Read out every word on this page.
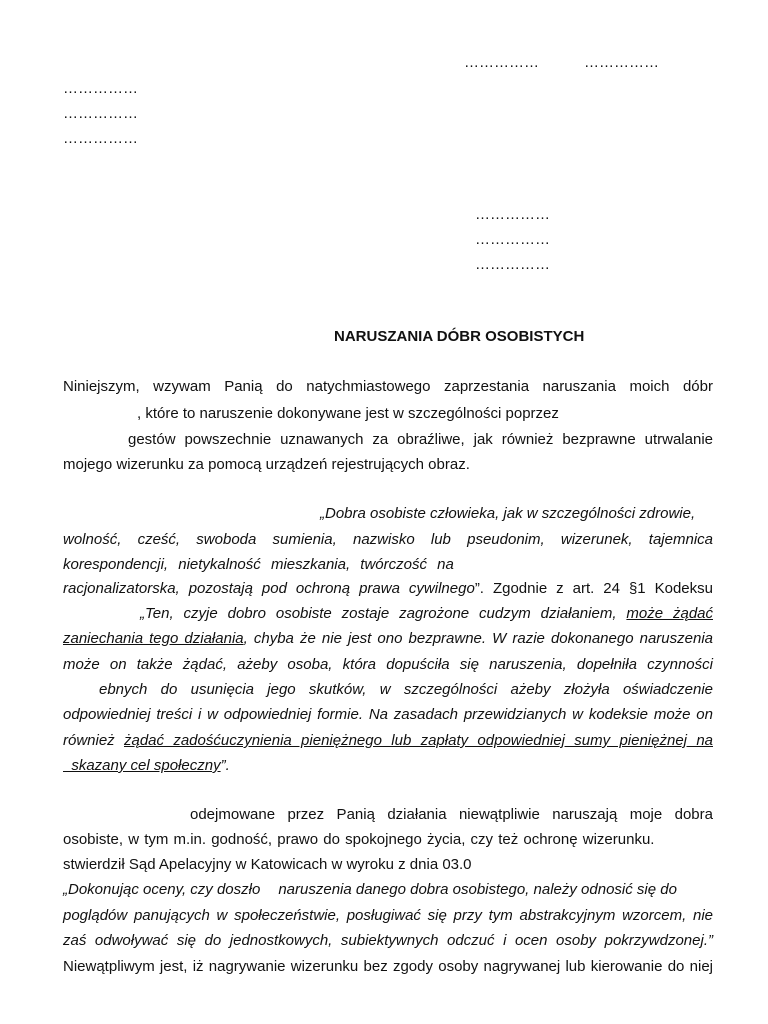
……………	……………
……………
……………
……………
……………
……………
……………
NARUSZANIA DÓBR OSOBISTYCH
Niniejszym, wzywam Panią do natychmiastowego zaprzestania naruszania moich dóbr
, które to naruszenie dokonywane jest w szczególności poprzez
gestów powszechnie uznawanych za obraźliwe, jak również bezprawne utrwalanie
mojego wizerunku za pomocą urządzeń rejestrujących obraz.
„Dobra osobiste człowieka, jak w szczególności zdrowie,
wolność, cześć, swoboda sumienia, nazwisko lub pseudonim, wizerunek, tajemnica
korespondencji, nietykalność mieszkania, twórczość na
racjonalizatorska, pozostają pod ochroną prawa cywilnego”. Zgodnie z art. 24 §1 Kodeksu
„Ten, czyje dobro osobiste zostaje zagrożone cudzym działaniem, może żądać
zaniechania tego działania, chyba że nie jest ono bezprawne. W razie dokonanego naruszenia
może on także żądać, ażeby osoba, która dopuściła się naruszenia, dopełniła czynności
ebnych do usunięcia jego skutków, w szczególności ażeby złożyła oświadczenie
odpowiedniej treści i w odpowiedniej formie. Na zasadach przewidzianych w kodeksie może on
również żądać zadośćuczynienia pieniężnego lub zapłaty odpowiedniej sumy pieniężnej na
skazany cel społeczny”.
odejmowane przez Panią działania niewątpliwie naruszają moje dobra
osobiste, w tym m.in. godność, prawo do spokojnego życia, czy też ochronę wizerunku.
stwierdził Sąd Apelacyjny w Katowicach w wyroku z dnia 03.0
„Dokonując oceny, czy doszło naruszenia danego dobra osobistego, należy odnosić się do
poglądów panujących w społeczeństwie, posługiwać się przy tym abstrakcyjnym wzorcem, nie
zaś odwoływać się do jednostkowych, subiektywnych odczuć i ocen osoby pokrzywdzonej.”
Niewątpliwym jest, iż nagrywanie wizerunku bez zgody osoby nagrywanej lub kierowanie do niej
